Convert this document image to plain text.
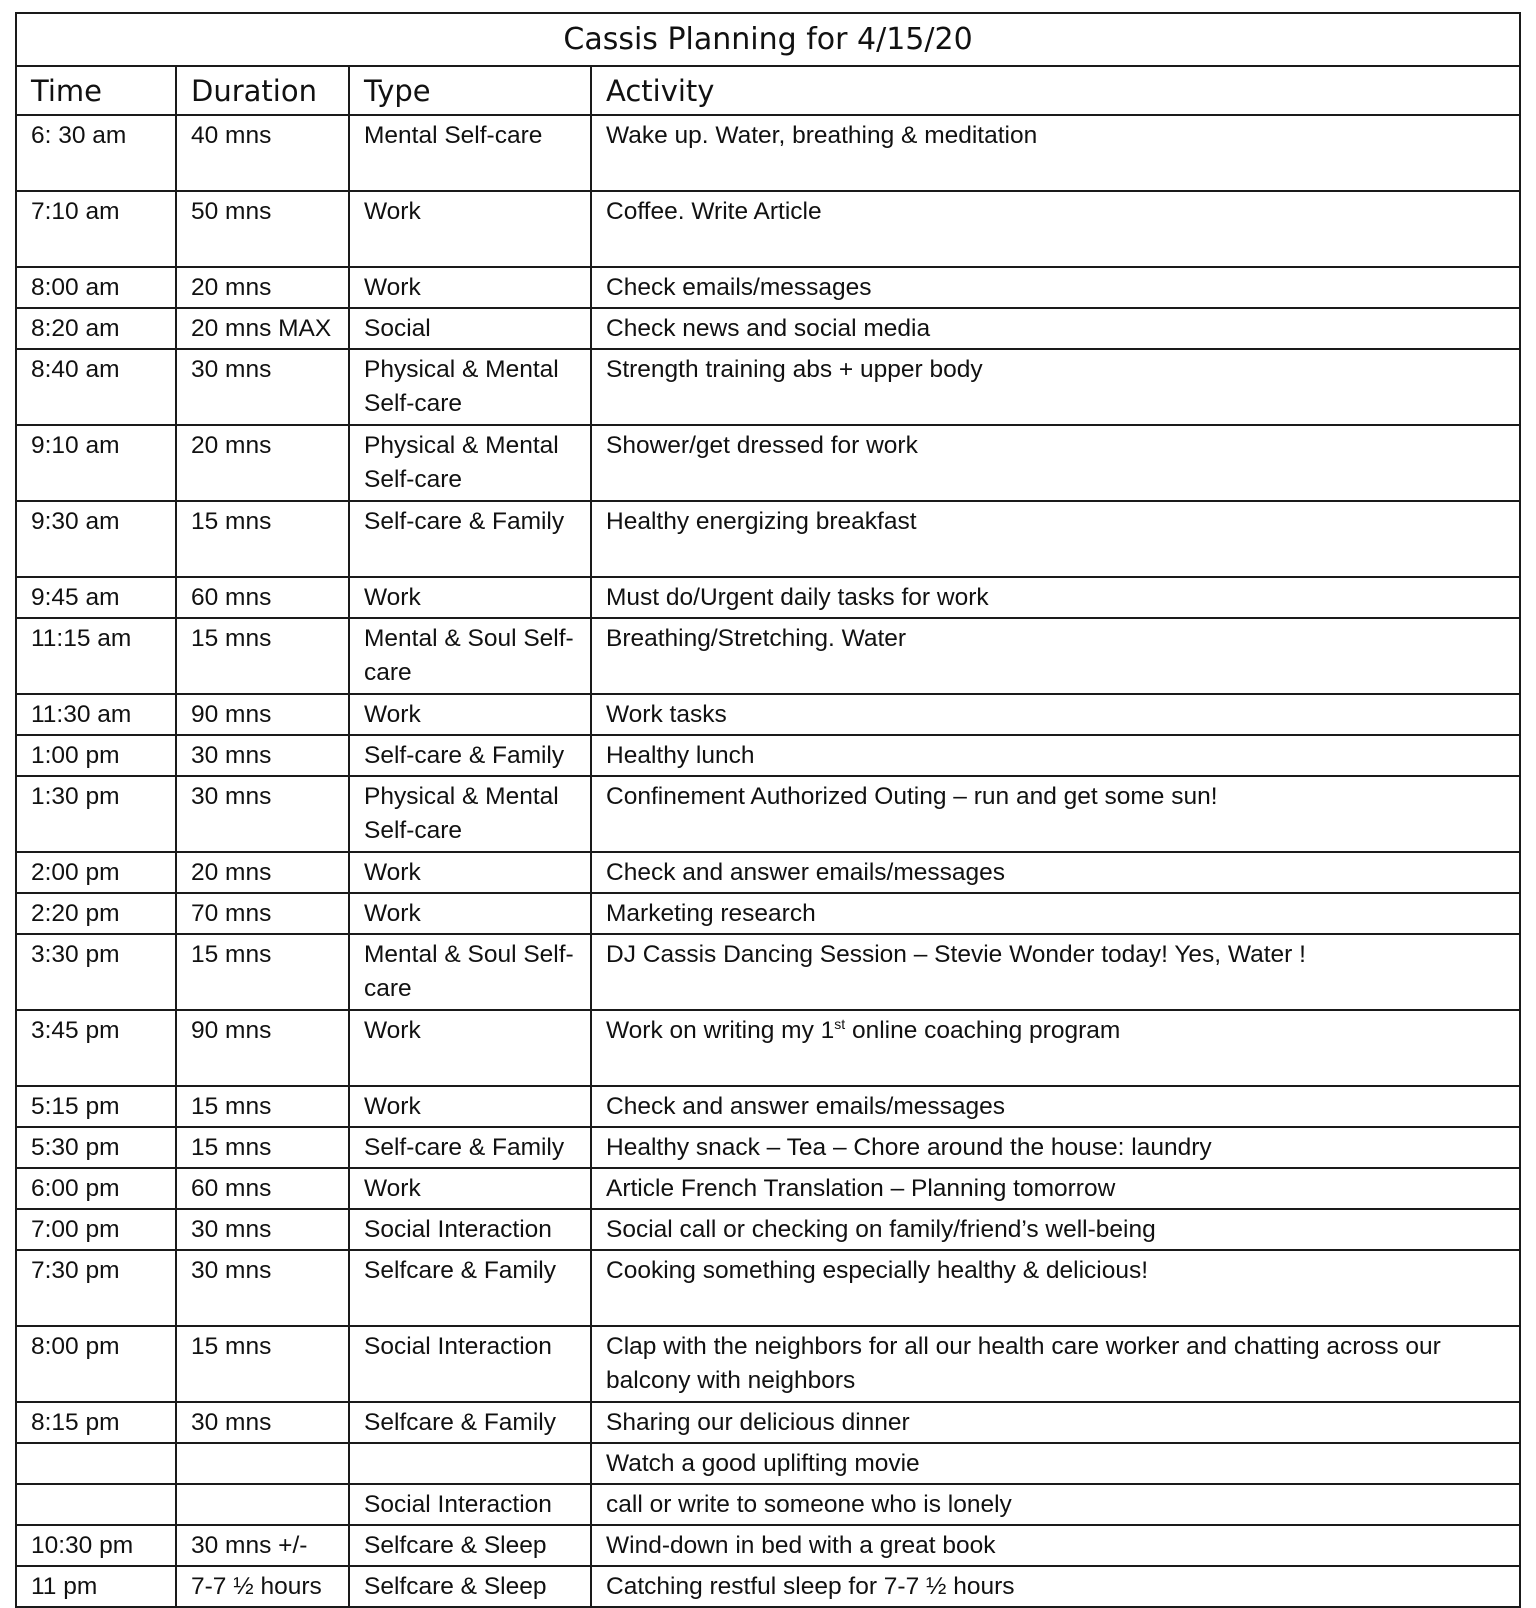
Cassis Planning for 4/15/20			
Time	Duration	Type	Activity

6: 30 am	40 mns	Mental Self-care	Wake up. Water, breathing & meditation

7:10 am	50 mns	Work	Coffee. Write Article

8:00 am	20 mns	Work	Check emails/messages

8:20 am	20 mns MAX	Social	Check news and social media

8:40 am	30 mns	Physical & Mental Self-care	Strength training abs + upper body

9:10 am	20 mns	Physical & Mental Self-care	Shower/get dressed for work

9:30 am	15 mns	Self-care & Family	Healthy energizing breakfast

9:45 am	60 mns	Work	Must do/Urgent daily tasks for work

11:15 am	15 mns	Mental & Soul Self-care	Breathing/Stretching. Water

11:30 am	90 mns	Work	Work tasks

1:00 pm	30 mns	Self-care & Family	Healthy lunch

1:30 pm	30 mns	Physical & Mental Self-care	Confinement Authorized Outing – run and get some sun!

2:00 pm	20 mns	Work	Check and answer emails/messages

2:20 pm	70 mns	Work	Marketing research

3:30 pm	15 mns	Mental & Soul Self-care	DJ Cassis Dancing Session – Stevie Wonder today! Yes, Water !

3:45 pm	90 mns	Work	Work on writing my 1st online coaching program

5:15 pm	15 mns	Work	Check and answer emails/messages

5:30 pm	15 mns	Self-care & Family	Healthy snack – Tea – Chore around the house: laundry

6:00 pm	60 mns	Work	Article French Translation – Planning tomorrow

7:00 pm	30 mns	Social Interaction	Social call or checking on family/friend’s well-being

7:30 pm	30 mns	Selfcare & Family	Cooking something especially healthy & delicious!

8:00 pm	15 mns	Social Interaction	Clap with the neighbors for all our health care worker and chatting across our balcony with neighbors

8:15 pm	30 mns	Selfcare & Family	Sharing our delicious dinner

			Watch a good uplifting movie

		Social Interaction	call or write to someone who is lonely

10:30 pm	30 mns +/-	Selfcare & Sleep	Wind-down in bed with a great book

11 pm	7-7 ½ hours	Selfcare & Sleep	Catching restful sleep for 7-7 ½ hours
